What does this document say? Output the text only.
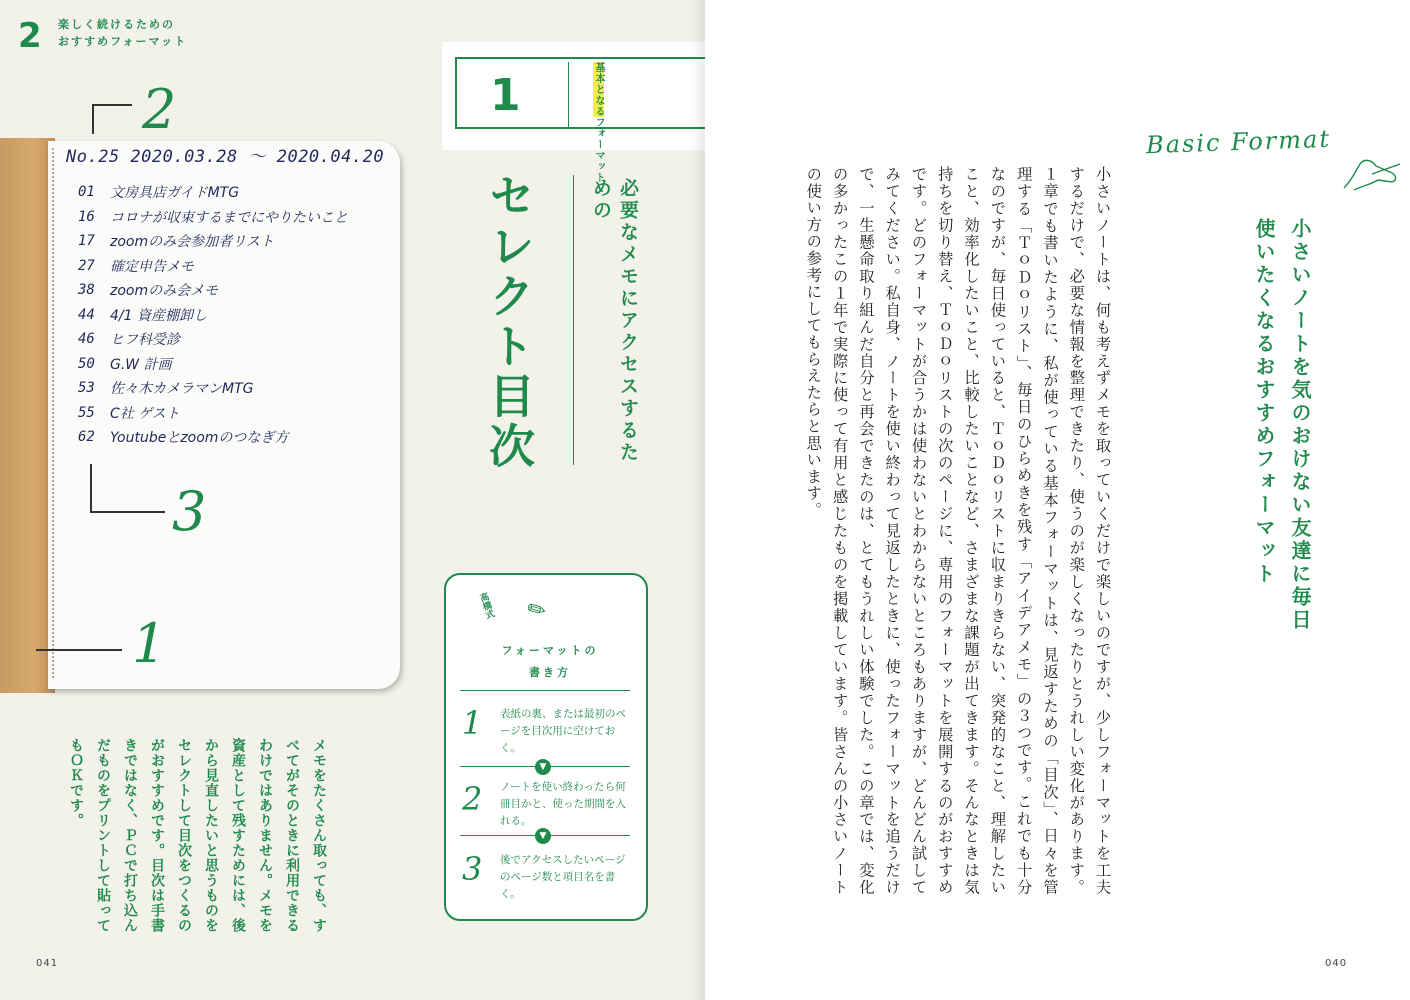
2 楽しく続けるための
おすすめフォーマット
No.25 2020.03.28 ～ 2020.04.20
01	文房具店ガイドMTG
16	コロナが収束するまでにやりたいこと
17	zoomのみ会参加者リスト
27	確定申告メモ
38	zoomのみ会メモ
44	4/1 資産棚卸し
46	ヒフ科受診
50	G.W 計画
53	佐々木カメラマンMTG
55	C社 ゲスト
62	Youtubeとzoomのつなぎ方
2
3
1
1	基本となるフォーマット
必要なメモにアクセスするための
セレクト目次
高橋式	✎
フォーマットの
書き方
1 表紙の裏、または最初のページを目次用に空けておく。
▼
2 ノートを使い終わったら何冊目かと、使った期間を入れる。
▼
3 後でアクセスしたいページのページ数と項目名を書く。
メモをたくさん取っても、すべてがそのときに利用できるわけではありません。メモを資産として残すためには、後から見直したいと思うものをセレクトして目次をつくるのがおすすめです。目次は手書きではなく、ＰＣで打ち込んだものをプリントして貼ってもＯＫです。
041
Basic Format
小さいノートを気のおけない友達に毎日使いたくなるおすすめフォーマット
小さいノートは、何も考えずメモを取っていくだけで楽しいのですが、少しフォーマットを工夫するだけで、必要な情報を整理できたり、使うのが楽しくなったりとうれしい変化があります。１章でも書いたように、私が使っている基本フォーマットは、見返すための「目次」、日々を管理する「ＴｏＤｏリスト」、毎日のひらめきを残す「アイデアメモ」の３つです。これでも十分なのですが、毎日使っていると、ＴｏＤｏリストに収まりきらない、突発的なこと、理解したいこと、効率化したいこと、比較したいことなど、さまざまな課題が出てきます。そんなときは気持ちを切り替え、ＴｏＤｏリストの次のページに、専用のフォーマットを展開するのがおすすめです。どのフォーマットが合うかは使わないとわからないところもありますが、どんどん試してみてください。私自身、ノートを使い終わって見返したときに、使ったフォーマットを追うだけで、一生懸命取り組んだ自分と再会できたのは、とてもうれしい体験でした。この章では、変化の多かったこの１年で実際に使って有用と感じたものを掲載しています。皆さんの小さいノートの使い方の参考にしてもらえたらと思います。
040
